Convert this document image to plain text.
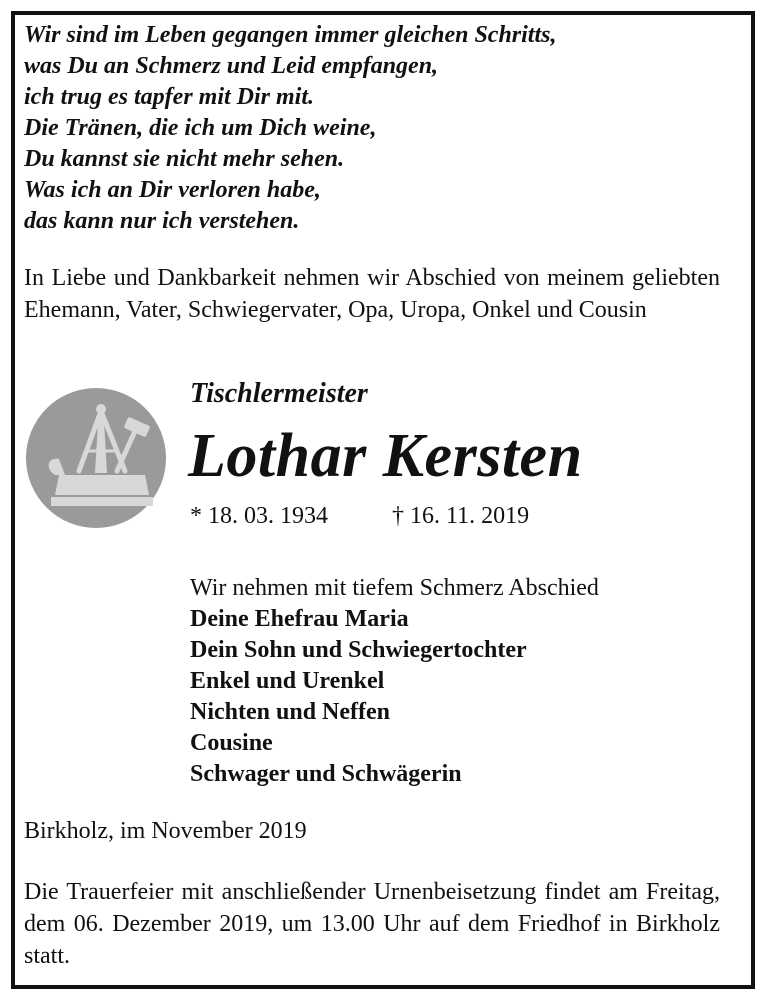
Wir sind im Leben gegangen immer gleichen Schritts,
was Du an Schmerz und Leid empfangen,
ich trug es tapfer mit Dir mit.
Die Tränen, die ich um Dich weine,
Du kannst sie nicht mehr sehen.
Was ich an Dir verloren habe,
das kann nur ich verstehen.
In Liebe und Dankbarkeit nehmen wir Abschied von meinem geliebten Ehemann, Vater, Schwiegervater, Opa, Uropa, Onkel und Cousin
Tischlermeister
Lothar Kersten
* 18. 03. 1934	† 16. 11. 2019
Wir nehmen mit tiefem Schmerz Abschied
Deine Ehefrau Maria
Dein Sohn und Schwiegertochter
Enkel und Urenkel
Nichten und Neffen
Cousine
Schwager und Schwägerin
Birkholz, im November 2019
Die Trauerfeier mit anschließender Urnenbeisetzung findet am Freitag, dem 06. Dezember 2019, um 13.00 Uhr auf dem Friedhof in Birkholz statt.
